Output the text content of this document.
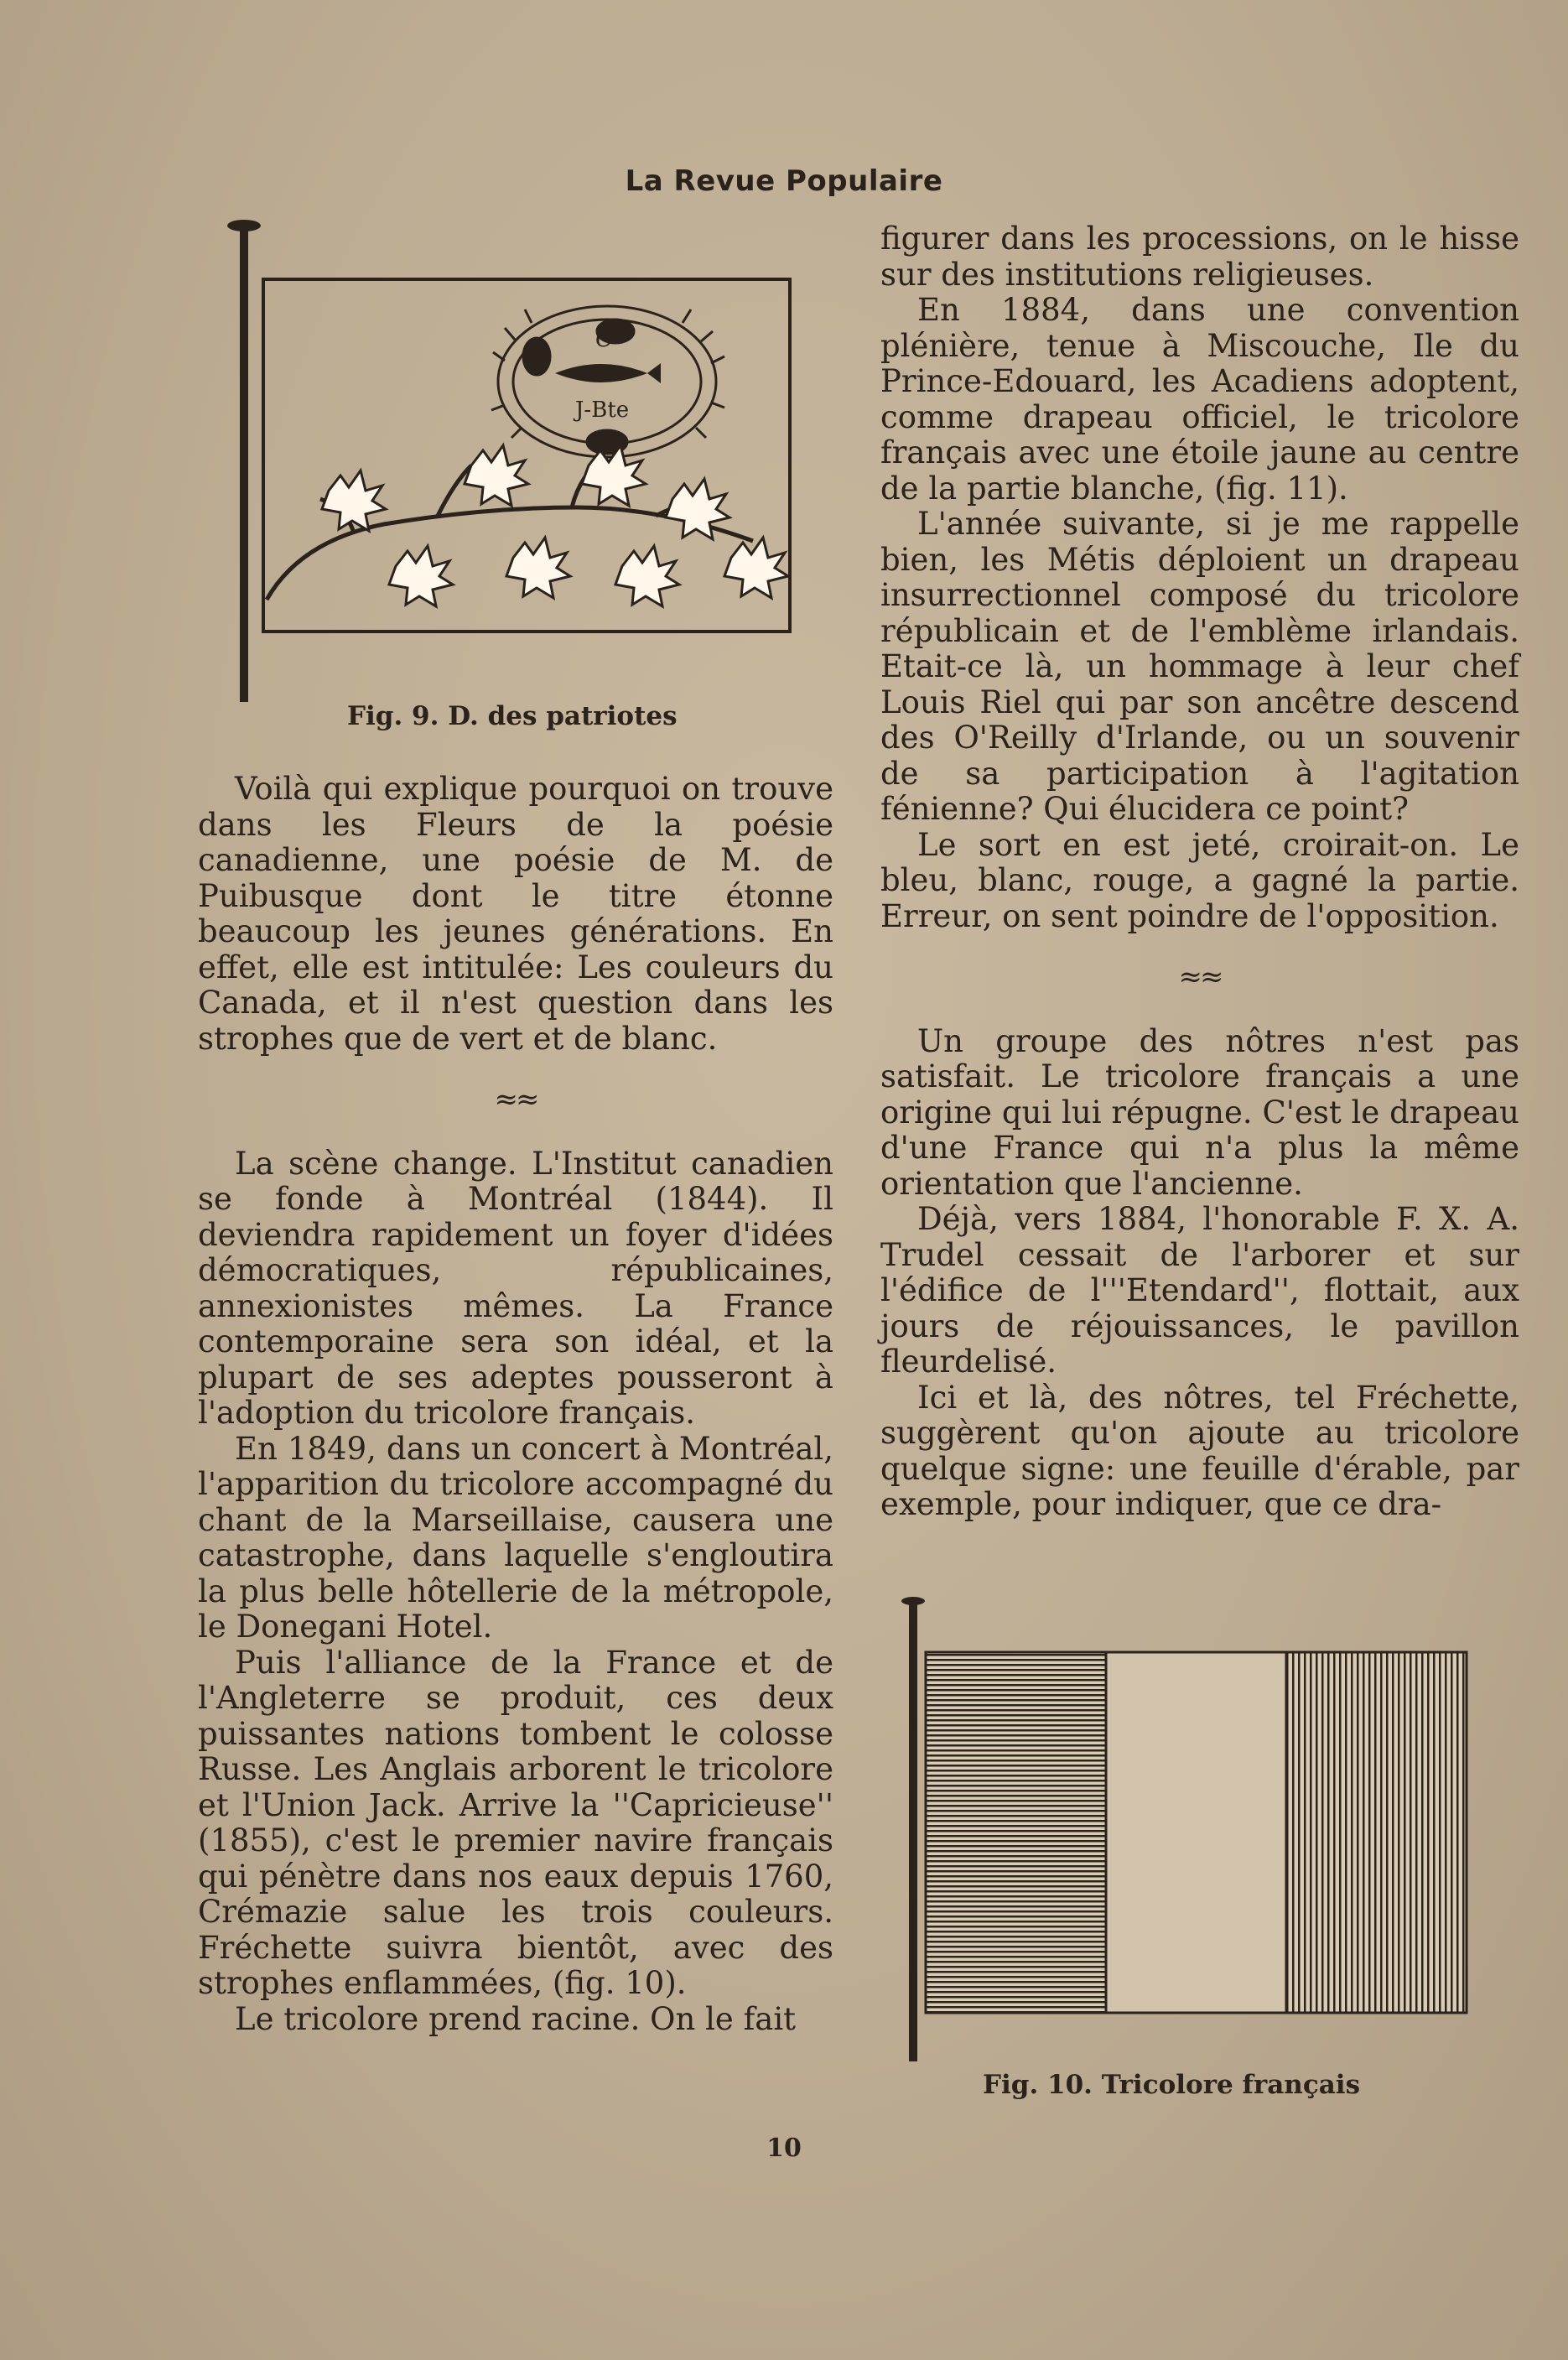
La Revue Populaire
C
J-Bte
Fig. 9. D. des patriotes

Voilà qui explique pourquoi on trouve dans les Fleurs de la poésie canadienne, une poésie de M. de Puibusque dont le titre étonne beaucoup les jeunes générations. En effet, elle est intitulée: Les couleurs du Canada, et il n'est question dans les strophes que de vert et de blanc.

≈≈

La scène change. L'Institut canadien se fonde à Montréal (1844). Il deviendra rapidement un foyer d'idées démocratiques, républicaines, annexionistes mêmes. La France contemporaine sera son idéal, et la plupart de ses adeptes pousseront à l'adoption du tricolore français.

En 1849, dans un concert à Montréal, l'apparition du tricolore accompagné du chant de la Marseillaise, causera une catastrophe, dans laquelle s'engloutira la plus belle hôtellerie de la métropole, le Donegani Hotel.

Puis l'alliance de la France et de l'Angleterre se produit, ces deux puissantes nations tombent le colosse Russe. Les Anglais arborent le tricolore et l'Union Jack. Arrive la ''Capricieuse'' (1855), c'est le premier navire français qui pénètre dans nos eaux depuis 1760, Crémazie salue les trois couleurs. Fréchette suivra bientôt, avec des strophes enflammées, (fig. 10).

Le tricolore prend racine. On le fait

figurer dans les processions, on le hisse sur des institutions religieuses.

En 1884, dans une convention plénière, tenue à Miscouche, Ile du Prince-Edouard, les Acadiens adoptent, comme drapeau officiel, le tricolore français avec une étoile jaune au centre de la partie blanche, (fig. 11).

L'année suivante, si je me rappelle bien, les Métis déploient un drapeau insurrectionnel composé du tricolore républicain et de l'emblème irlandais. Etait-ce là, un hommage à leur chef Louis Riel qui par son ancêtre descend des O'Reilly d'Irlande, ou un souvenir de sa participation à l'agitation fénienne? Qui élucidera ce point?

Le sort en est jeté, croirait-on. Le bleu, blanc, rouge, a gagné la partie. Erreur, on sent poindre de l'opposition.

≈≈

Un groupe des nôtres n'est pas satisfait. Le tricolore français a une origine qui lui répugne. C'est le drapeau d'une France qui n'a plus la même orientation que l'ancienne.

Déjà, vers 1884, l'honorable F. X. A. Trudel cessait de l'arborer et sur l'édifice de l'''Etendard'', flottait, aux jours de réjouissances, le pavillon fleurdelisé.

Ici et là, des nôtres, tel Fréchette, suggèrent qu'on ajoute au tricolore quelque signe: une feuille d'érable, par exemple, pour indiquer, que ce dra-

Fig. 10. Tricolore français
10
